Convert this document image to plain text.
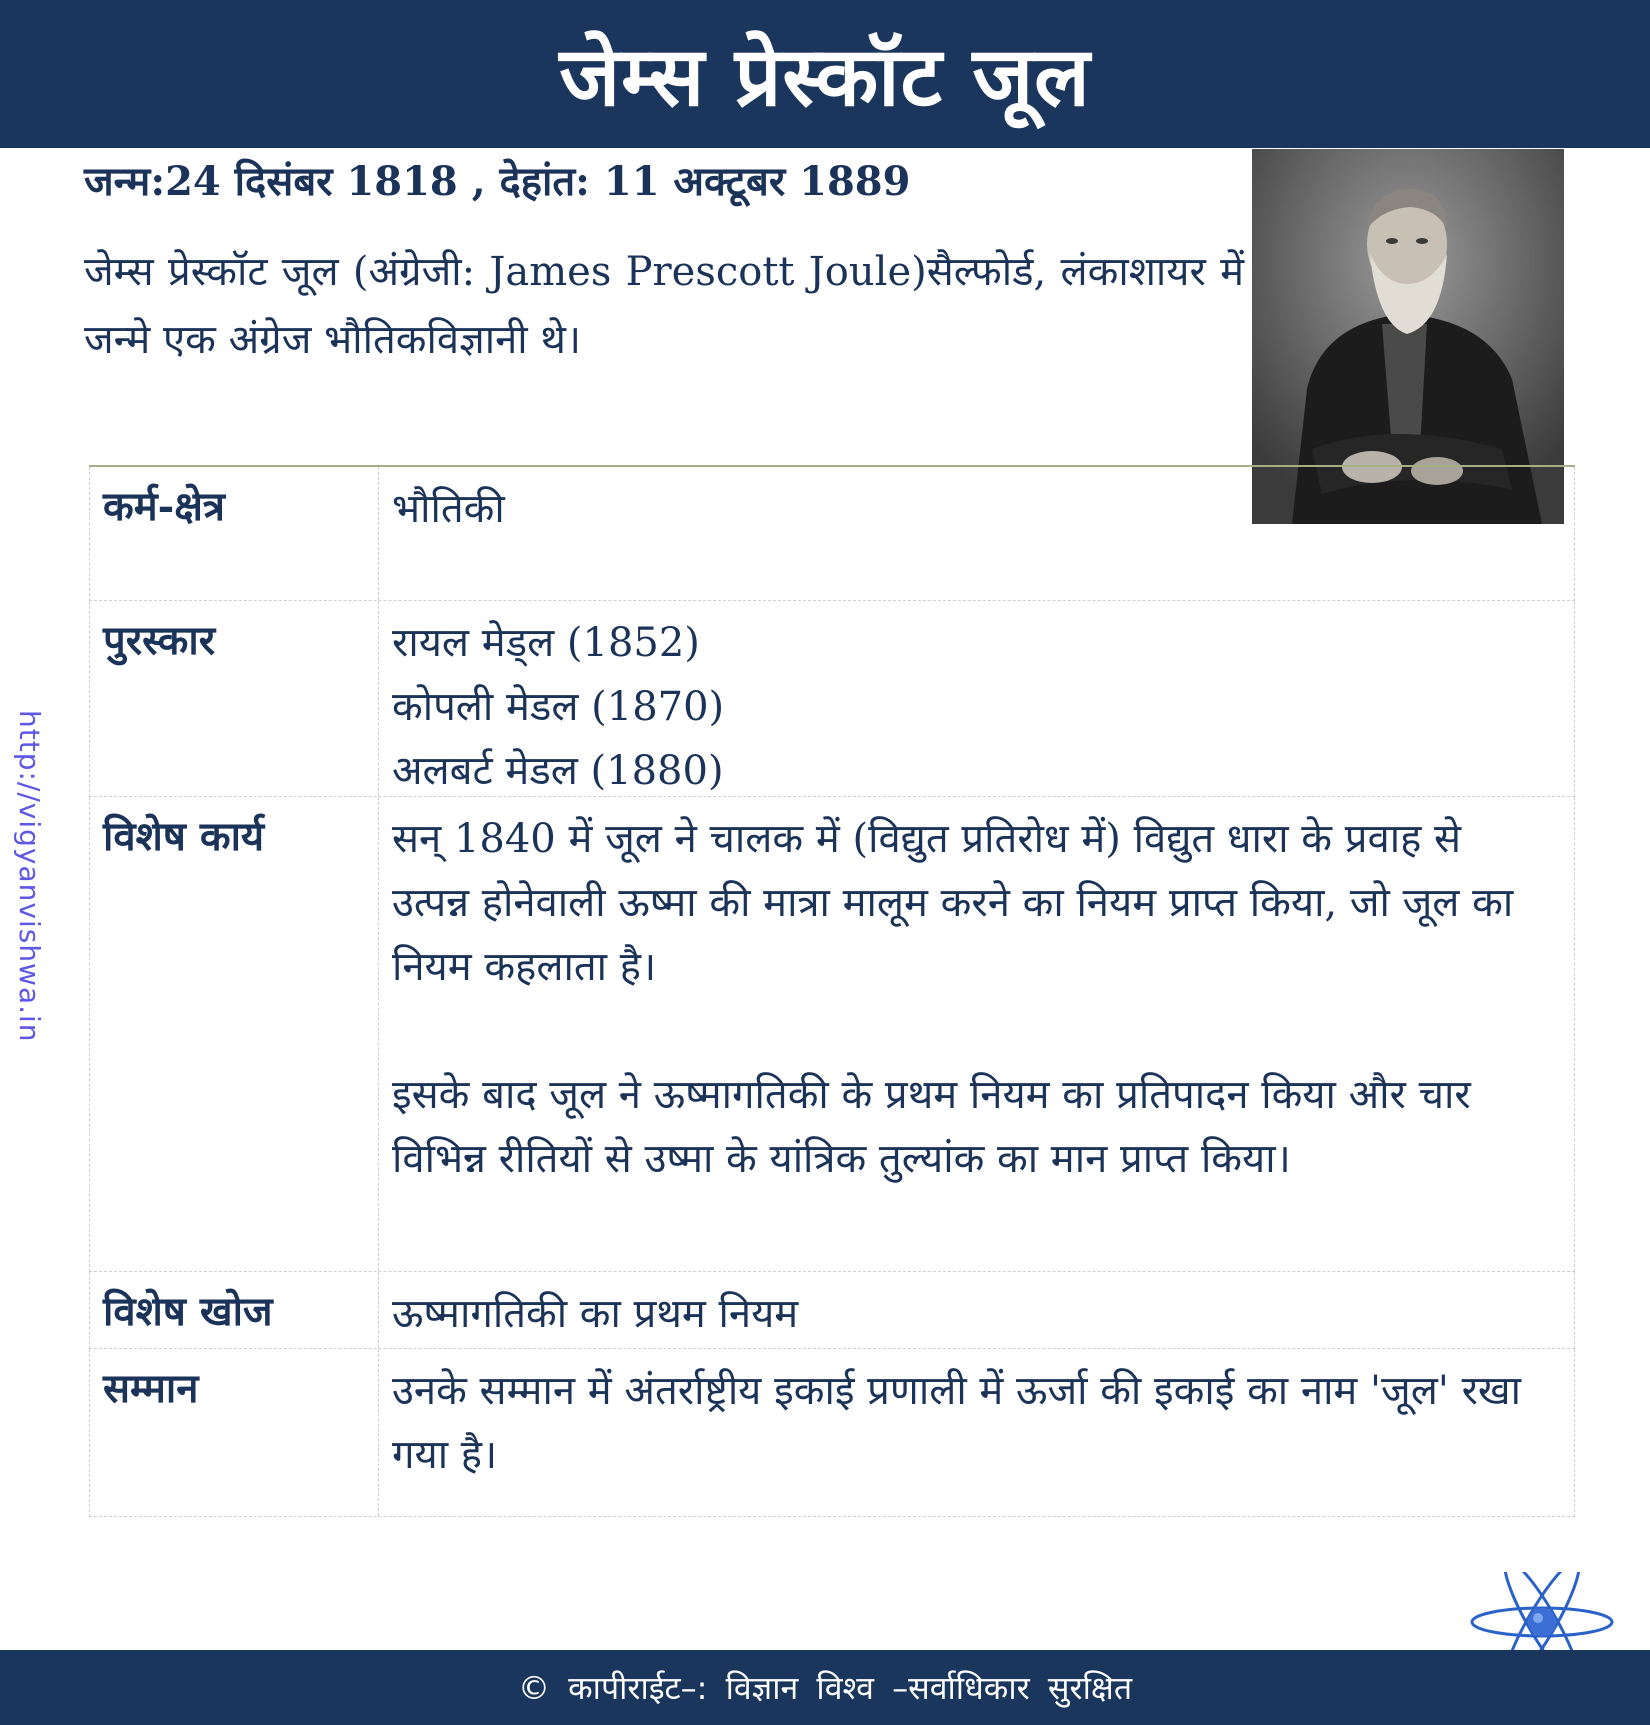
जेम्स प्रेस्कॉट जूल
जन्म:24 दिसंबर 1818 , देहांत: 11 अक्टूबर 1889
जेम्स प्रेस्कॉट जूल (अंग्रेजी: James Prescott Joule)सैल्फोर्ड, लंकाशायर में जन्मे एक अंग्रेज भौतिकविज्ञानी थे।
कर्म-क्षेत्र	भौतिकी
पुरस्कार	रायल मेड्ल (1852)

कोपली मेडल (1870)

अलबर्ट मेडल (1880)

विशेष कार्य	सन् 1840 में जूल ने चालक में (विद्युत प्रतिरोध में) विद्युत धारा के प्रवाह से उत्पन्न होनेवाली ऊष्मा की मात्रा मालूम करने का नियम प्राप्त किया, जो जूल का नियम कहलाता है।

इसके बाद जूल ने ऊष्मागतिकी के प्रथम नियम का प्रतिपादन किया और चार विभिन्न रीतियों से उष्मा के यांत्रिक तुल्यांक का मान प्राप्त किया।

विशेष खोज	ऊष्मागतिकी का प्रथम नियम
सम्मान	उनके सम्मान में अंतर्राष्ट्रीय इकाई प्रणाली में ऊर्जा की इकाई का नाम 'जूल' रखा गया है।

http://vigyanvishwa.in
© कापीराईट–: विज्ञान विश्व –सर्वाधिकार सुरक्षित
